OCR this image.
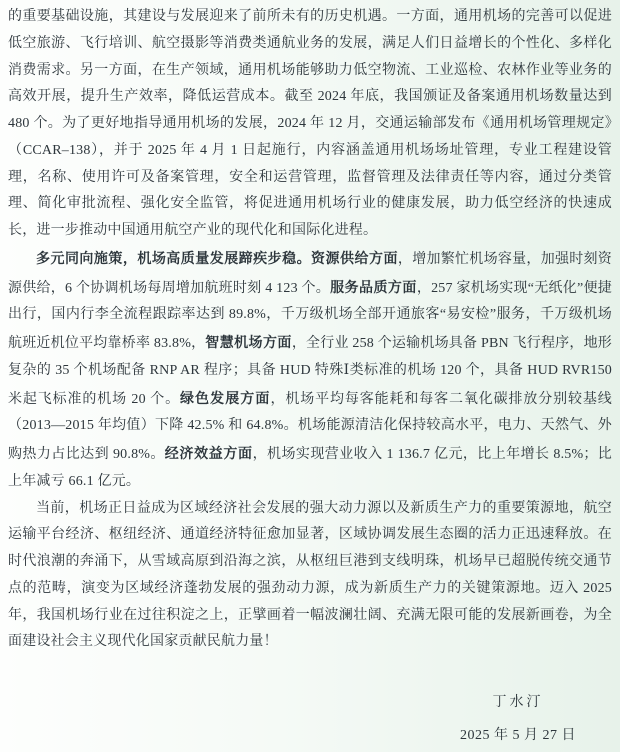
的重要基础设施，其建设与发展迎来了前所未有的历史机遇。一方面，通用机场的完善可以促进低空旅游、飞行培训、航空摄影等消费类通航业务的发展，满足人们日益增长的个性化、多样化消费需求。另一方面，在生产领域，通用机场能够助力低空物流、工业巡检、农林作业等业务的高效开展，提升生产效率，降低运营成本。截至 2024 年底，我国颁证及备案通用机场数量达到 480 个。为了更好地指导通用机场的发展，2024 年 12 月，交通运输部发布《通用机场管理规定》（CCAR–138），并于 2025 年 4 月 1 日起施行，内容涵盖通用机场场址管理，专业工程建设管理，名称、使用许可及备案管理，安全和运营管理，监督管理及法律责任等内容，通过分类管理、简化审批流程、强化安全监管，将促进通用机场行业的健康发展，助力低空经济的快速成长，进一步推动中国通用航空产业的现代化和国际化进程。

多元同向施策，机场高质量发展蹄疾步稳。资源供给方面，增加繁忙机场容量，加强时刻资源供给，6 个协调机场每周增加航班时刻 4 123 个。服务品质方面，257 家机场实现“无纸化”便捷出行，国内行李全流程跟踪率达到 89.8%，千万级机场全部开通旅客“易安检”服务，千万级机场航班近机位平均靠桥率 83.8%，智慧机场方面，全行业 258 个运输机场具备 PBN 飞行程序，地形复杂的 35 个机场配备 RNP AR 程序；具备 HUD 特殊Ⅰ类标准的机场 120 个，具备 HUD RVR150 米起飞标准的机场 20 个。绿色发展方面，机场平均每客能耗和每客二氧化碳排放分别较基线（2013—2015 年均值）下降 42.5% 和 64.8%。机场能源清洁化保持较高水平，电力、天然气、外购热力占比达到 90.8%。经济效益方面，机场实现营业收入 1 136.7 亿元，比上年增长 8.5%；比上年减亏 66.1 亿元。

当前，机场正日益成为区域经济社会发展的强大动力源以及新质生产力的重要策源地，航空运输平台经济、枢纽经济、通道经济特征愈加显著，区域协调发展生态圈的活力正迅速释放。在时代浪潮的奔涌下，从雪域高原到沿海之滨，从枢纽巨港到支线明珠，机场早已超脱传统交通节点的范畴，演变为区域经济蓬勃发展的强劲动力源，成为新质生产力的关键策源地。迈入 2025 年，我国机场行业在过往积淀之上，正擘画着一幅波澜壮阔、充满无限可能的发展新画卷，为全面建设社会主义现代化国家贡献民航力量！

丁水汀
2025 年 5 月 27 日
